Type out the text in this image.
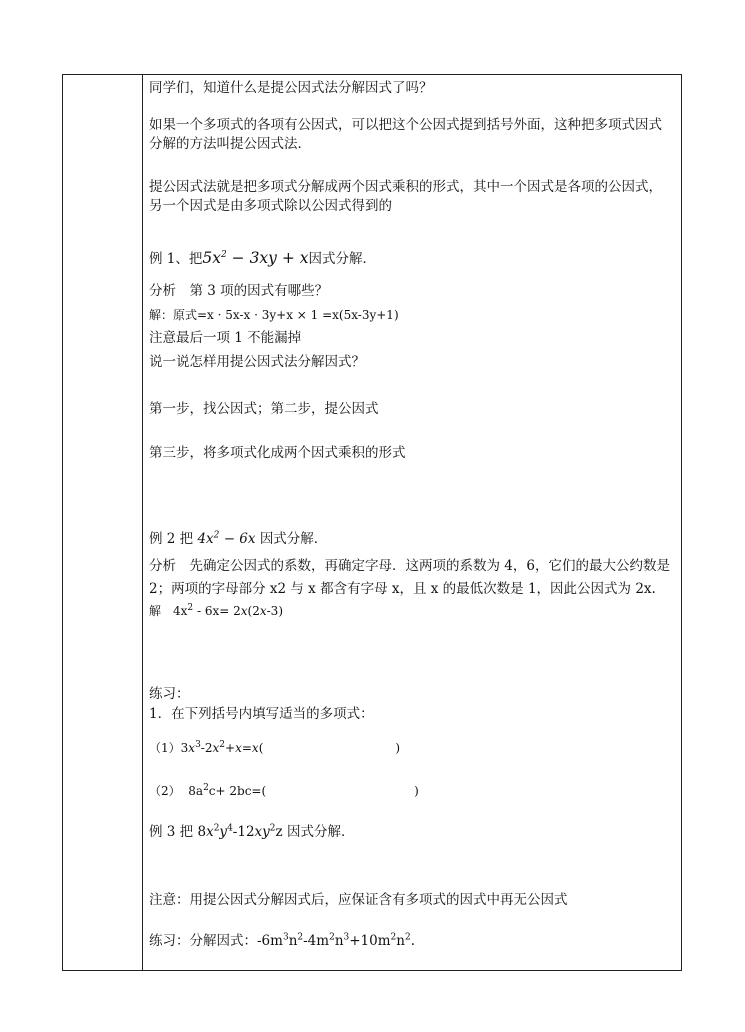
同学们，知道什么是提公因式法分解因式了吗？
如果一个多项式的各项有公因式，可以把这个公因式提到括号外面，这种把多项式因式
分解的方法叫提公因式法．
提公因式法就是把多项式分解成两个因式乘积的形式，其中一个因式是各项的公因式，
另一个因式是由多项式除以公因式得到的
例 1、把$5x^2 - 3xy + x$因式分解．
分析　第 3 项的因式有哪些？
解：原式=x · 5x-x · 3y+x × 1 =x(5x-3y+1)
注意最后一项 1 不能漏掉
说一说怎样用提公因式法分解因式？
第一步，找公因式；第二步，提公因式
第三步，将多项式化成两个因式乘积的形式
例 2 把 $4x^2 - 6x$ 因式分解．
分析　先确定公因式的系数，再确定字母．这两项的系数为 4，6，它们的最大公约数是
2；两项的字母部分 x2 与 x 都含有字母 x，且 x 的最低次数是 1，因此公因式为 2x.
解　$4x^2 - 6x= 2x(2x-3)$
练习：
1．在下列括号内填写适当的多项式：
$(1)3x^3-2x^2+x=x$(	)
（2）  $8a^2c+ 2bc=$(	)
例 3 把 $8x^2y^4-12xy^2z$ 因式分解．
注意：用提公因式分解因式后，应保证含有多项式的因式中再无公因式
练习：分解因式：$-6m^3n^2-4m^2n^3+10m^2n^2$.
